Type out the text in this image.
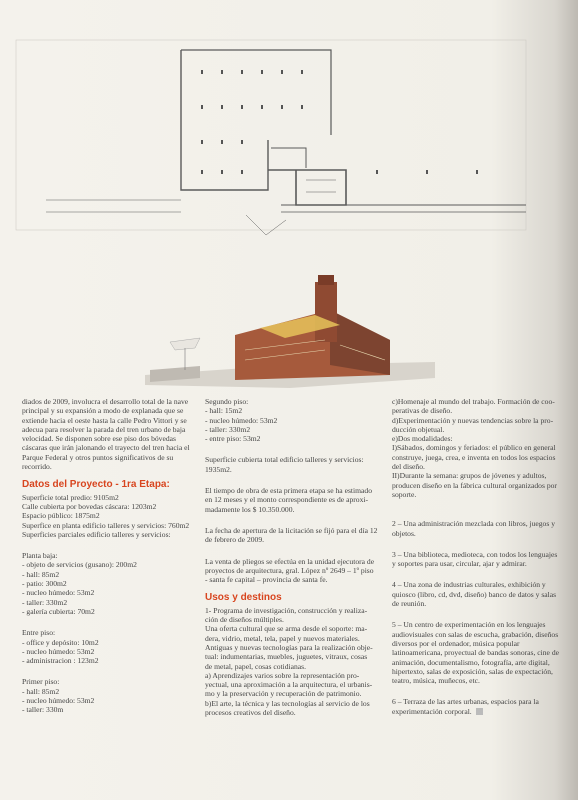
diados de 2009, involucra el desarrollo total de la nave
principal y su expansión a modo de explanada que se
extiende hacia el oeste hasta la calle Pedro Vittori y se
adecua para resolver la parada del tren urbano de baja
velocidad. Se disponen sobre ese piso dos bóvedas
cáscaras que irán jalonando el trayecto del tren hacia el
Parque Federal y otros puntos significativos de su
recorrido.

Datos del Proyecto - 1ra Etapa:

Superficie total predio: 9105m2
Calle cubierta por bovedas cáscara: 1203m2
Espacio público: 1875m2
Superfice en planta edificio talleres y servicios: 760m2
Superficies parciales edificio talleres y servicios:

Planta baja:
- objeto de servicios (gusano): 200m2
- hall: 85m2
- patio: 300m2
- nucleo húmedo: 53m2
- taller: 330m2
- galería cubierta: 70m2

Entre piso:
- office y depósito: 10m2
- nucleo húmedo: 53m2
- administracion : 123m2

Primer piso:
- hall: 85m2
- nucleo húmedo: 53m2
- taller: 330m

Segundo piso:
- hall: 15m2
- nucleo húmedo: 53m2
- taller: 330m2
- entre piso: 53m2

Superficie cubierta total edificio talleres y servicios:
1935m2.

El tiempo de obra de esta primera etapa se ha estimado
en 12 meses y el monto correspondiente es de aproxi-
madamente los $ 10.350.000.

La fecha de apertura de la licitación se fijó para el día 12
de febrero de 2009.

La venta de pliegos se efectúa en la unidad ejecutora de
proyectos de arquitectura, gral. López nº 2649 – 1º piso
- santa fe capital – provincia de santa fe.

Usos y destinos

1- Programa de investigación, construcción y realiza-
ción de diseños múltiples.
Una oferta cultural que se arma desde el soporte: ma-
dera, vidrio, metal, tela, papel y nuevos materiales.
Antiguas y nuevas tecnologías para la realización obje-
tual: indumentarias, muebles, juguetes, vitraux, cosas
de metal, papel, cosas cotidianas.
a) Aprendizajes varios sobre la representación pro-
yectual, una aproximación a la arquitectura, el urbanis-
mo y la preservación y recuperación de patrimonio.
b)El arte, la técnica y las tecnologías al servicio de los
procesos creativos del diseño.

c)Homenaje al mundo del trabajo. Formación de coo-
perativas de diseño.
d)Experimentación y nuevas tendencias sobre la pro-
ducción objetual.
e)Dos modalidades:
I)Sábados, domingos y feriados: el público en general
construye, juega, crea, e inventa en todos los espacios
del diseño.
II)Durante la semana: grupos de jóvenes y adultos,
producen diseño en la fábrica cultural organizados por
soporte.

2 – Una administración mezclada con libros, juegos y
objetos.

3 – Una biblioteca, medioteca, con todos los lenguajes
y soportes para usar, circular, ajar y admirar.

4 – Una zona de industrias culturales, exhibición y
quiosco (libro, cd, dvd, diseño) banco de datos y salas
de reunión.

5 – Un centro de experimentación en los lenguajes
audiovisuales con salas de escucha, grabación, diseños
diversos por el ordenador, música popular
latinoamericana, proyectual de bandas sonoras, cine de
animación, documentalismo, fotografía, arte digital,
hipertexto, salas de exposición, salas de expectación,
teatro, música, muñecos, etc.

6 – Terraza de las artes urbanas, espacios para la
experimentación corporal.
